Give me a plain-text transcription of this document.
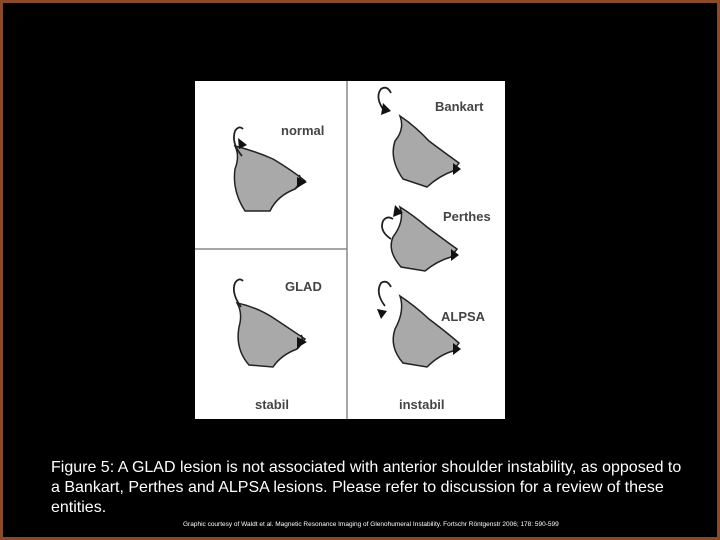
normal
Bankart
Perthes
GLAD
ALPSA
stabil	instabil
Figure 5: A GLAD lesion is not associated with anterior shoulder instability, as opposed to a Bankart, Perthes and ALPSA lesions. Please refer to discussion for a review of these entities.
Graphic courtesy of Waldt et al. Magnetic Resonance Imaging of Glenohumeral Instability. Fortschr Röntgenstr 2006; 178: 590-599
